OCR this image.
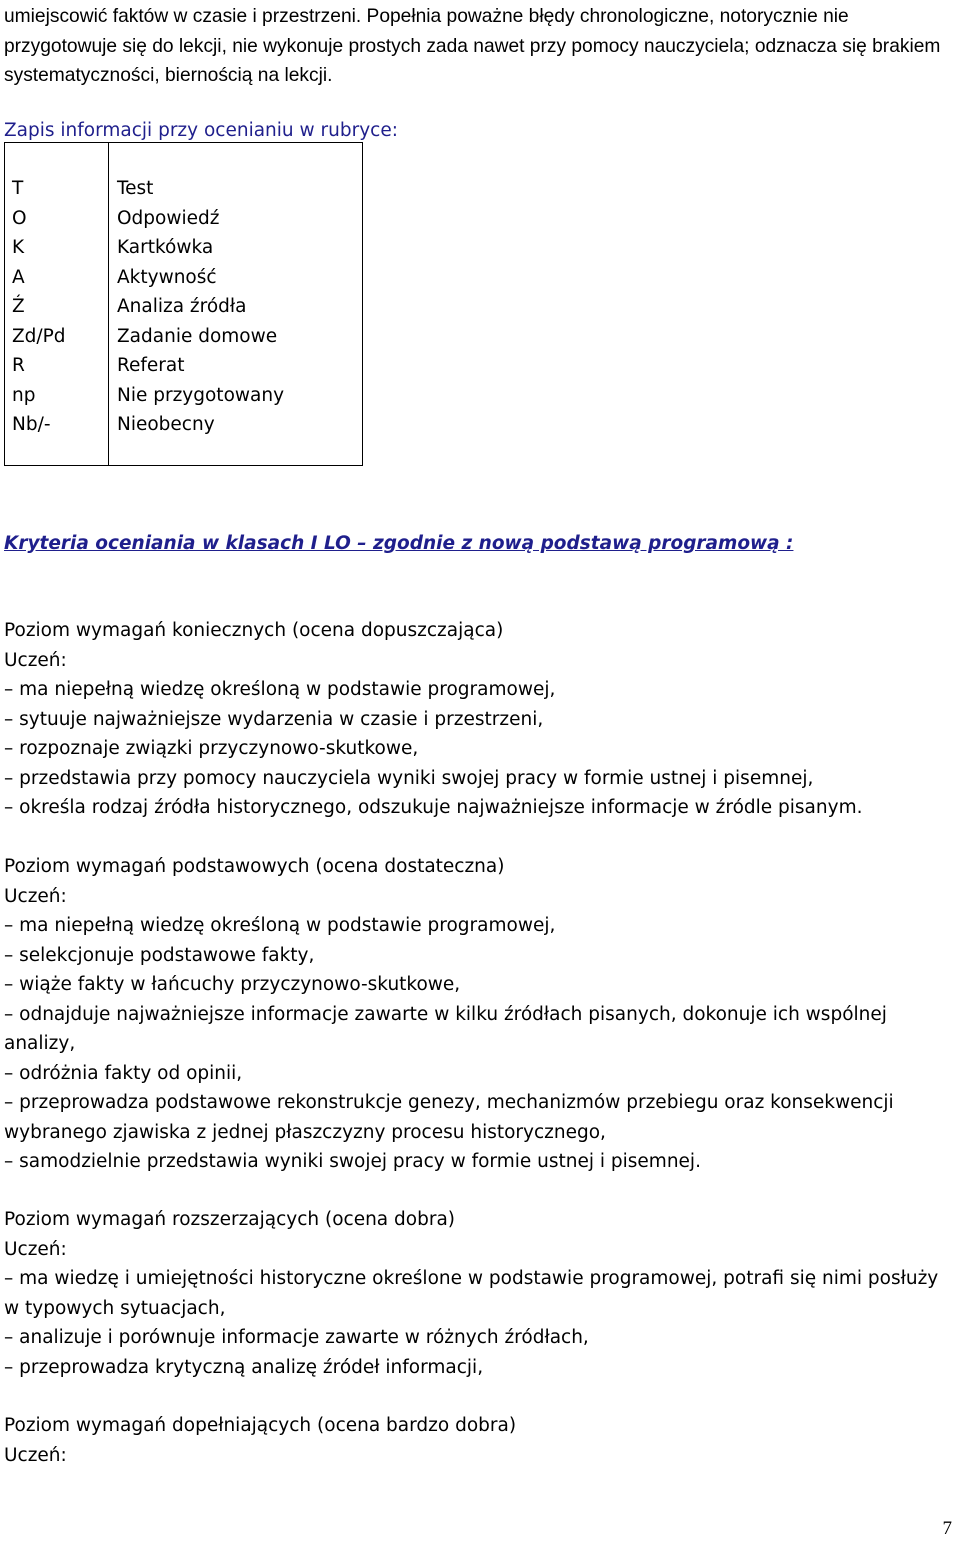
umiejscowić faktów w czasie i przestrzeni. Popełnia poważne błędy chronologiczne, notorycznie nie przygotowuje się do lekcji, nie wykonuje prostych zada nawet przy pomocy nauczyciela; odznacza się brakiem systematyczności, biernością na lekcji.
Zapis informacji przy ocenianiu w rubryce:
T
O
K
A
Ź
Zd/Pd
R
np
Nb/-
Test
Odpowiedź
Kartkówka
Aktywność
Analiza źródła
Zadanie domowe
Referat
Nie przygotowany
Nieobecny
Kryteria oceniania w klasach I LO – zgodnie z nową podstawą programową :
Poziom wymagań koniecznych (ocena dopuszczająca)
Uczeń:
– ma niepełną wiedzę określoną w podstawie programowej,
– sytuuje najważniejsze wydarzenia w czasie i przestrzeni,
– rozpoznaje związki przyczynowo-skutkowe,
– przedstawia przy pomocy nauczyciela wyniki swojej pracy w formie ustnej i pisemnej,
– określa rodzaj źródła historycznego, odszukuje najważniejsze informacje w źródle pisanym.
Poziom wymagań podstawowych (ocena dostateczna)
Uczeń:
– ma niepełną wiedzę określoną w podstawie programowej,
– selekcjonuje podstawowe fakty,
– wiąże fakty w łańcuchy przyczynowo-skutkowe,
– odnajduje najważniejsze informacje zawarte w kilku źródłach pisanych, dokonuje ich wspólnej analizy,
– odróżnia fakty od opinii,
– przeprowadza podstawowe rekonstrukcje genezy, mechanizmów przebiegu oraz konsekwencji wybranego zjawiska z jednej płaszczyzny procesu historycznego,
– samodzielnie przedstawia wyniki swojej pracy w formie ustnej i pisemnej.
Poziom wymagań rozszerzających (ocena dobra)
Uczeń:
– ma wiedzę i umiejętności historyczne określone w podstawie programowej, potrafi się nimi posłuży w typowych sytuacjach,
– analizuje i porównuje informacje zawarte w różnych źródłach,
– przeprowadza krytyczną analizę źródeł informacji,
Poziom wymagań dopełniających (ocena bardzo dobra)
Uczeń:
7
